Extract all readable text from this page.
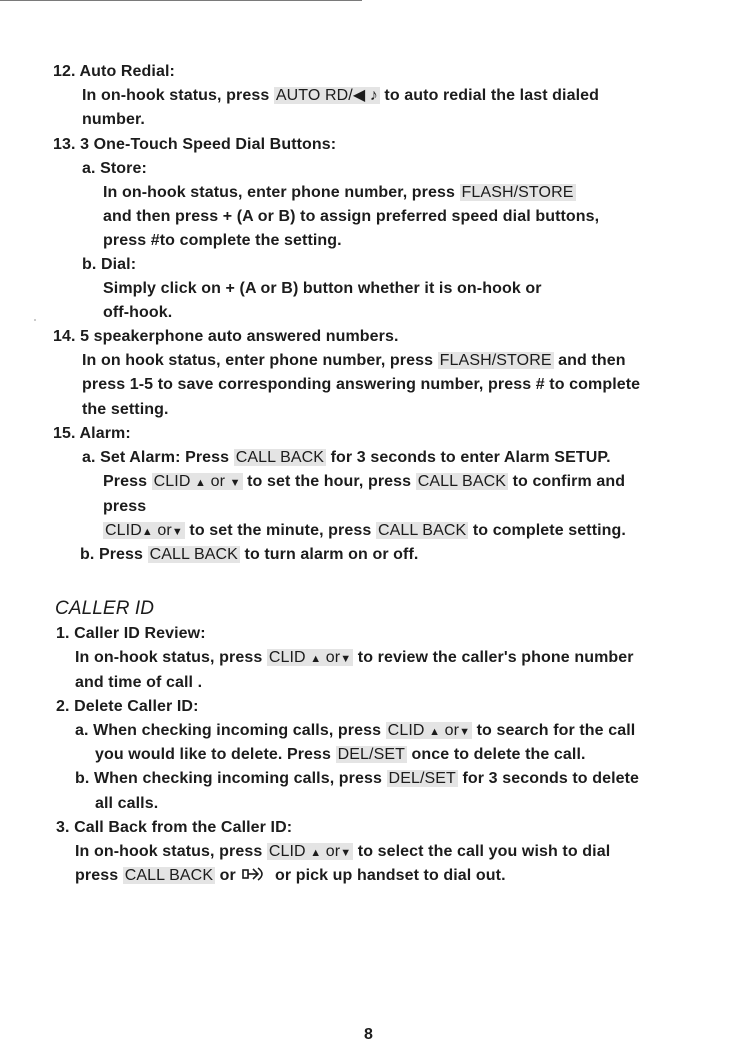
12. Auto Redial:
In on-hook status, press AUTO RD/◀ ♪ to auto redial the last dialed
number.
13. 3 One-Touch Speed Dial Buttons:
a. Store:
In on-hook status, enter phone number, press FLASH/STORE
and then press + (A or B) to assign preferred speed dial buttons,
press #to complete the setting.
b. Dial:
Simply click on + (A or B) button whether it is on-hook or
off-hook.
14. 5 speakerphone auto answered numbers.
In on hook status, enter phone number, press FLASH/STORE and then
press 1-5 to save corresponding answering number, press # to complete
the setting.
15. Alarm:
a. Set Alarm: Press CALL BACK for 3 seconds to enter Alarm SETUP.
Press CLID ▲ or ▼ to set the hour, press CALL BACK to confirm and
press
CLID▲ or▼ to set the minute, press CALL BACK to complete setting.
b. Press CALL BACK to turn alarm on or off.
CALLER ID
1. Caller ID Review:
In on-hook status, press CLID ▲ or▼ to review the caller's phone number
and time of call .
2. Delete Caller ID:
a. When checking incoming calls, press CLID ▲ or▼ to search for the call
you would like to delete. Press DEL/SET once to delete the call.
b. When checking incoming calls, press DEL/SET for 3 seconds to delete
all calls.
3. Call Back from the Caller ID:
In on-hook status, press CLID ▲ or▼ to select the call you wish to dial
press CALL BACK or  or pick up handset to dial out.
8
